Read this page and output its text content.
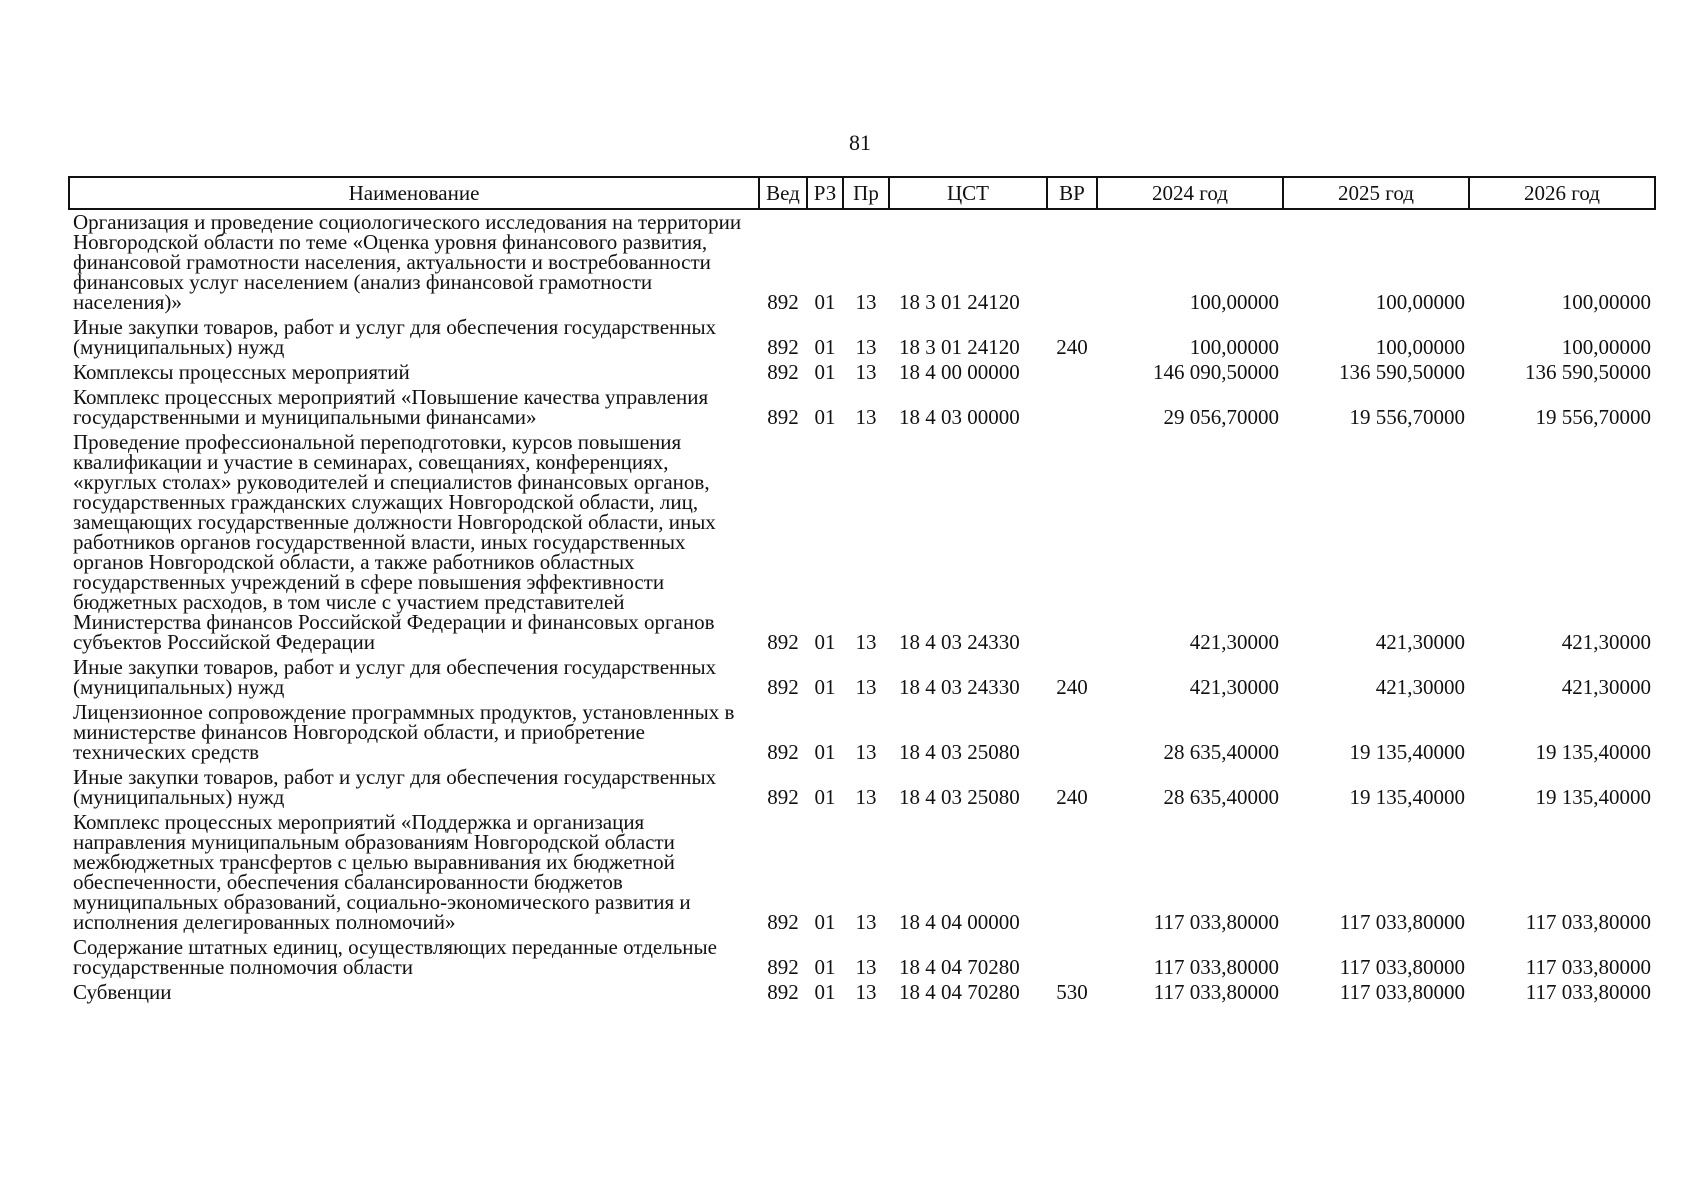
81
Наименование	Вед	РЗ	Пр	ЦСТ	ВР	2024 год	2025 год	2026 год
Организация и проведение социологического исследования на территории Новгородской области по теме «Оценка уровня финансового развития, финансовой грамотности населения, актуальности и востребованности финансовых услуг населением (анализ финансовой грамотности населения)»	892	01	13	18 3 01 24120		100,00000	100,00000	100,00000
Иные закупки товаров, работ и услуг для обеспечения государственных (муниципальных) нужд	892	01	13	18 3 01 24120	240	100,00000	100,00000	100,00000
Комплексы процессных мероприятий	892	01	13	18 4 00 00000		146 090,50000	136 590,50000	136 590,50000
Комплекс процессных мероприятий «Повышение качества управления государственными и муниципальными финансами»	892	01	13	18 4 03 00000		29 056,70000	19 556,70000	19 556,70000
Проведение профессиональной переподготовки, курсов повышения квалификации и участие в семинарах, совещаниях, конференциях, «круглых столах» руководителей и специалистов финансовых органов, государственных гражданских служащих Новгородской области, лиц, замещающих государственные должности Новгородской области, иных работников органов государственной власти, иных государственных органов Новгородской области, а также работников областных государственных учреждений в сфере повышения эффективности бюджетных расходов, в том числе с участием представителей Министерства финансов Российской Федерации и финансовых органов субъектов Российской Федерации	892	01	13	18 4 03 24330		421,30000	421,30000	421,30000
Иные закупки товаров, работ и услуг для обеспечения государственных (муниципальных) нужд	892	01	13	18 4 03 24330	240	421,30000	421,30000	421,30000
Лицензионное сопровождение программных продуктов, установленных в министерстве финансов Новгородской области, и приобретение технических средств	892	01	13	18 4 03 25080		28 635,40000	19 135,40000	19 135,40000
Иные закупки товаров, работ и услуг для обеспечения государственных (муниципальных) нужд	892	01	13	18 4 03 25080	240	28 635,40000	19 135,40000	19 135,40000
Комплекс процессных мероприятий «Поддержка и организация направления муниципальным образованиям Новгородской области межбюджетных трансфертов с целью выравнивания их бюджетной обеспеченности, обеспечения сбалансированности бюджетов муниципальных образований, социально-экономического развития и исполнения делегированных полномочий»	892	01	13	18 4 04 00000		117 033,80000	117 033,80000	117 033,80000
Содержание штатных единиц, осуществляющих переданные отдельные государственные полномочия области	892	01	13	18 4 04 70280		117 033,80000	117 033,80000	117 033,80000
Субвенции	892	01	13	18 4 04 70280	530	117 033,80000	117 033,80000	117 033,80000
